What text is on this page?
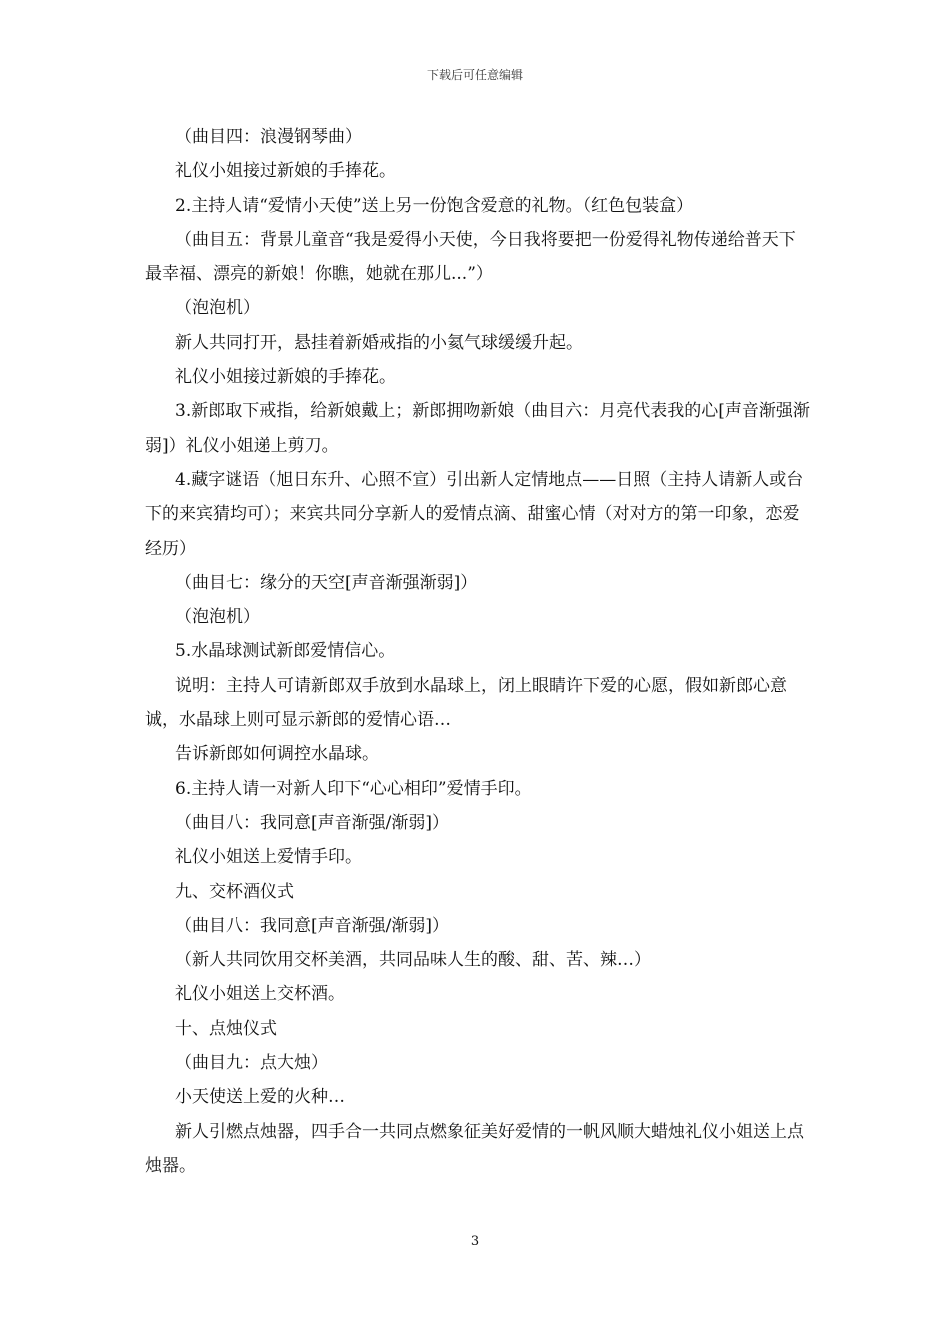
下载后可任意编辑

（曲目四：浪漫钢琴曲）

礼仪小姐接过新娘的手捧花。

2.主持人请“爱情小天使”送上另一份饱含爱意的礼物。（红色包装盒）

（曲目五：背景儿童音“我是爱得小天使，今日我将要把一份爱得礼物传递给普天下最幸福、漂亮的新娘！你瞧，她就在那儿...”）

（泡泡机）

新人共同打开，悬挂着新婚戒指的小氦气球缓缓升起。

礼仪小姐接过新娘的手捧花。

3.新郎取下戒指，给新娘戴上；新郎拥吻新娘（曲目六：月亮代表我的心[声音渐强渐弱]）礼仪小姐递上剪刀。

4.藏字谜语（旭日东升、心照不宣）引出新人定情地点——日照（主持人请新人或台下的来宾猜均可）；来宾共同分享新人的爱情点滴、甜蜜心情（对对方的第一印象，恋爱经历）

（曲目七：缘分的天空[声音渐强渐弱]）

（泡泡机）

5.水晶球测试新郎爱情信心。

说明：主持人可请新郎双手放到水晶球上，闭上眼睛许下爱的心愿，假如新郎心意诚，水晶球上则可显示新郎的爱情心语…

告诉新郎如何调控水晶球。

6.主持人请一对新人印下“心心相印”爱情手印。

（曲目八：我同意[声音渐强/渐弱]）

礼仪小姐送上爱情手印。

九、交杯酒仪式

（曲目八：我同意[声音渐强/渐弱]）

（新人共同饮用交杯美酒，共同品味人生的酸、甜、苦、辣…）

礼仪小姐送上交杯酒。

十、点烛仪式

（曲目九：点大烛）

小天使送上爱的火种…

新人引燃点烛器，四手合一共同点燃象征美好爱情的一帆风顺大蜡烛礼仪小姐送上点烛器。

3
